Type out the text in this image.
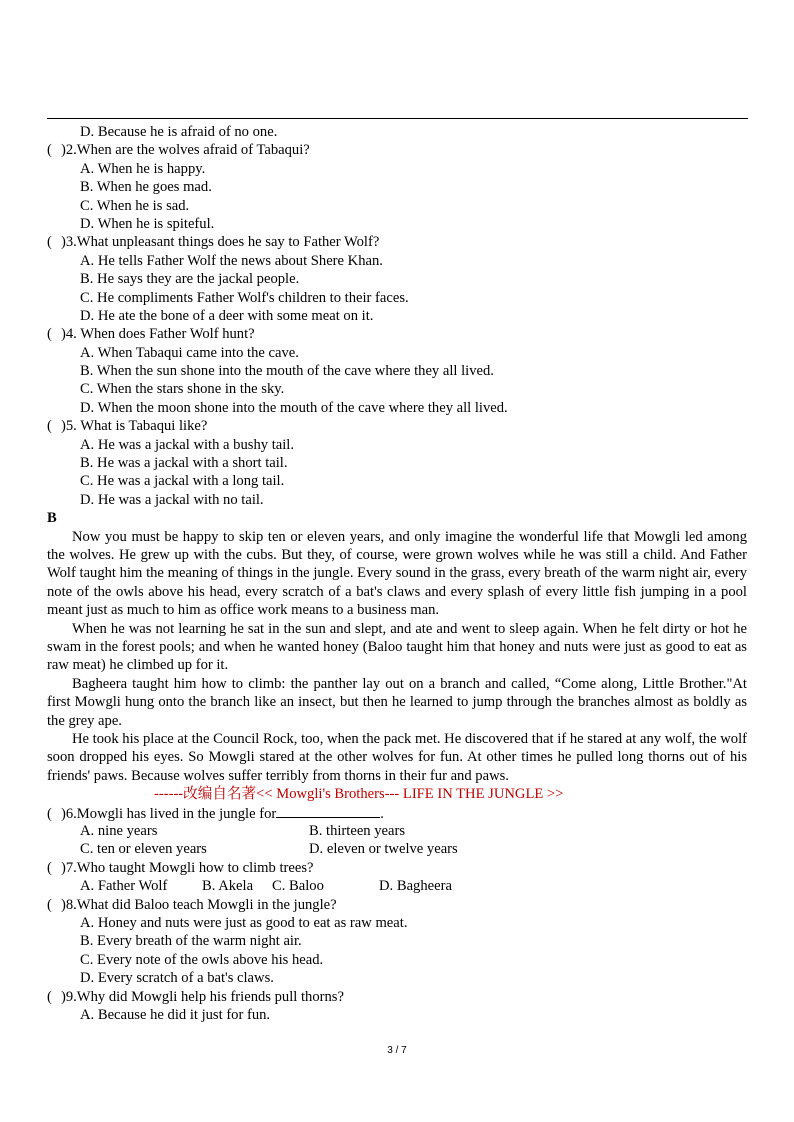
D. Because he is afraid of no one.
( )2.When are the wolves afraid of Tabaqui?
A. When he is happy.
B. When he goes mad.
C. When he is sad.
D. When he is spiteful.
( )3.What unpleasant things does he say to Father Wolf?
A. He tells Father Wolf the news about Shere Khan.
B. He says they are the jackal people.
C. He compliments Father Wolf's children to their faces.
D. He ate the bone of a deer with some meat on it.
( )4. When does Father Wolf hunt?
A. When Tabaqui came into the cave.
B. When the sun shone into the mouth of the cave where they all lived.
C. When the stars shone in the sky.
D. When the moon shone into the mouth of the cave where they all lived.
( )5. What is Tabaqui like?
A. He was a jackal with a bushy tail.
B. He was a jackal with a short tail.
C. He was a jackal with a long tail.
D. He was a jackal with no tail.
B

Now you must be happy to skip ten or eleven years, and only imagine the wonderful life that Mowgli led among the wolves. He grew up with the cubs. But they, of course, were grown wolves while he was still a child. And Father Wolf taught him the meaning of things in the jungle. Every sound in the grass, every breath of the warm night air, every note of the owls above his head, every scratch of a bat's claws and every splash of every little fish jumping in a pool meant just as much to him as office work means to a business man.

When he was not learning he sat in the sun and slept, and ate and went to sleep again. When he felt dirty or hot he swam in the forest pools; and when he wanted honey (Baloo taught him that honey and nuts were just as good to eat as raw meat) he climbed up for it.

Bagheera taught him how to climb: the panther lay out on a branch and called, “Come along, Little Brother."At first Mowgli hung onto the branch like an insect, but then he learned to jump through the branches almost as boldly as the grey ape.

He took his place at the Council Rock, too, when the pack met. He discovered that if he stared at any wolf, the wolf soon dropped his eyes. So Mowgli stared at the other wolves for fun. At other times he pulled long thorns out of his friends' paws. Because wolves suffer terribly from thorns in their fur and paws.

------改编自名著<< Mowgli's Brothers--- LIFE IN THE JUNGLE >>
( )6.Mowgli has lived in the jungle for	.
A. nine years	B. thirteen years
C. ten or eleven years	D. eleven or twelve years
( )7.Who taught Mowgli how to climb trees?
A. Father Wolf B. Akela C. Baloo	D. Bagheera
( )8.What did Baloo teach Mowgli in the jungle?
A. Honey and nuts were just as good to eat as raw meat.
B. Every breath of the warm night air.
C. Every note of the owls above his head.
D. Every scratch of a bat's claws.
( )9.Why did Mowgli help his friends pull thorns?
A. Because he did it just for fun.
3 / 7
